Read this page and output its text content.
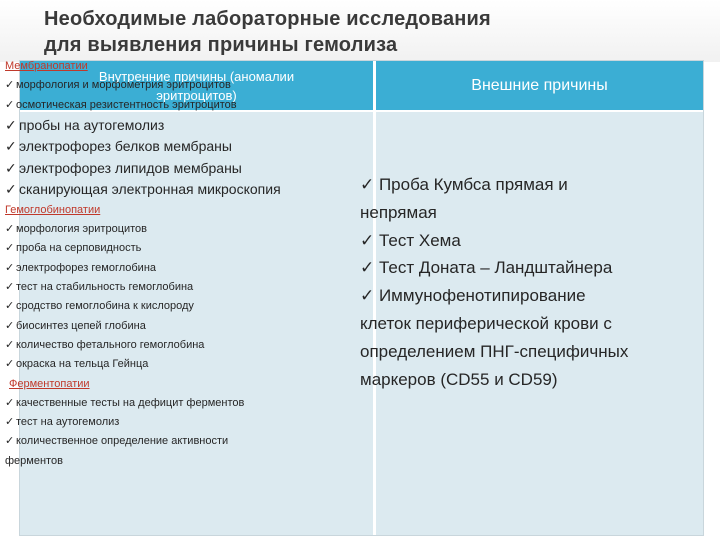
Необходимые лабораторные исследования
для выявления причины гемолиза
Внутренние причины (аномалии
эритроцитов)
Внешние причины
Мембранопатии
✓ морфология и морфометрия эритроцитов
✓ осмотическая резистентность эритроцитов
✓ пробы на аутогемолиз
✓ электрофорез белков мембраны
✓ электрофорез липидов мембраны
✓ сканирующая электронная микроскопия
Гемоглобинопатии
✓ морфология эритроцитов
✓ проба на серповидность
✓ электрофорез гемоглобина
✓ тест на стабильность гемоглобина
✓ сродство гемоглобина к кислороду
✓ биосинтез цепей глобина
✓ количество фетального гемоглобина
✓ окраска на тельца Гейнца
Ферментопатии
✓ качественные тесты на дефицит ферментов
✓ тест на аутогемолиз
✓ количественное определение активности
ферментов
✓ Проба Кумбса прямая и
непрямая
✓ Тест Хема
✓ Тест Доната – Ландштайнера
✓ Иммунофенотипирование
клеток периферической крови с
определением ПНГ-специфичных
маркеров (CD55 и CD59)
